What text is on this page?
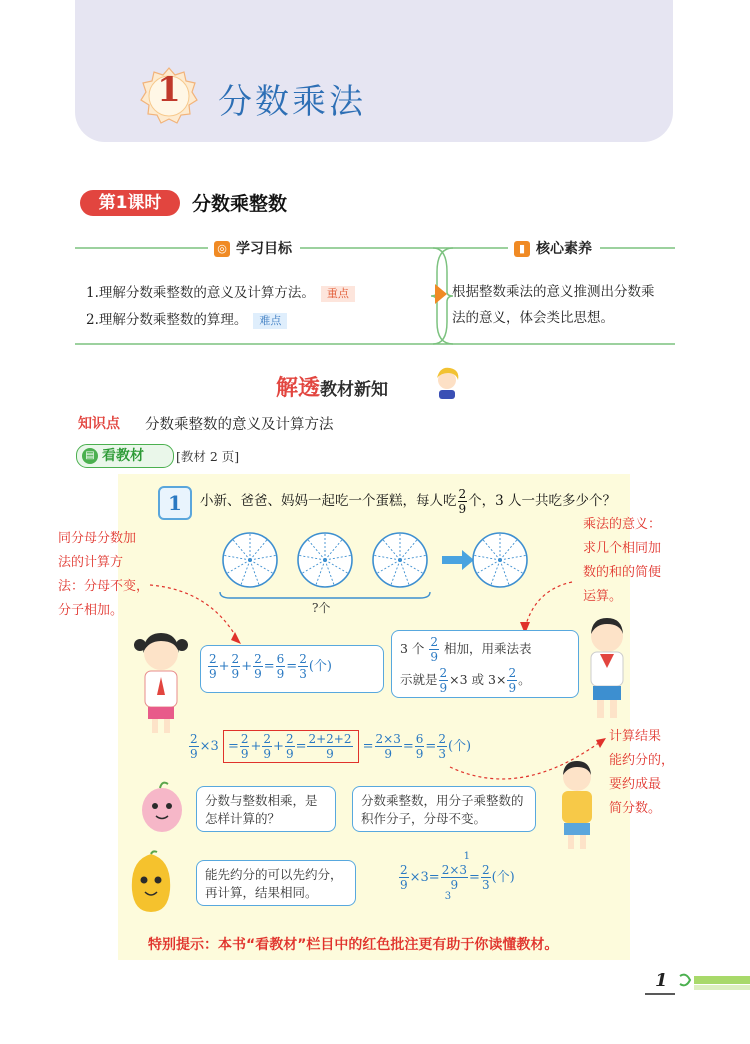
1	分数乘法
第1课时	分数乘整数
◎ 学习目标	▮ 核心素养
1.理解分数乘整数的意义及计算方法。 重点
2.理解分数乘整数的算理。 难点
根据整数乘法的意义推测出分数乘法的意义，体会类比思想。
解透教材新知
知识点 分数乘整数的意义及计算方法
▤ 看教材	[教材 2 页]
1	小新、爸爸、妈妈一起吃一个蛋糕，每人吃 $\frac{2}{9}$ 个，3 人一共吃多少个？
?个
同分母分数加
法的计算方
法：分母不变，
分子相加。
乘法的意义：
求几个相同加
数的和的简便
运算。
计算结果
能约分的，
要约成最
简分数。
$\frac{2}{9} + \frac{2}{9} + \frac{2}{9} = \frac{6}{9} = \frac{2}{3}$ (个)
3 个 $\frac{2}{9}$ 相加，用乘法表
示就是 $\frac{2}{9} \times 3$ 或 $3\times \frac{2}{9}$ 。
$\frac{2}{9} \times 3 = \frac{2}{9} + \frac{2}{9} + \frac{2}{9} = \frac{2+2+2}{9} = \frac{2\times 3}{9} = \frac{6}{9} = \frac{2}{3}$ (个)
分数与整数相乘，是怎样计算的？
分数乘整数，用分子乘整数的积作分子，分母不变。
能先约分的可以先约分，再计算，结果相同。
$\frac{2}{9} \times 3= 2\times 3$
9
1
3
= $\frac{2}{3}$ (个)
特别提示：本书“看教材”栏目中的红色批注更有助于你读懂教材。
1
